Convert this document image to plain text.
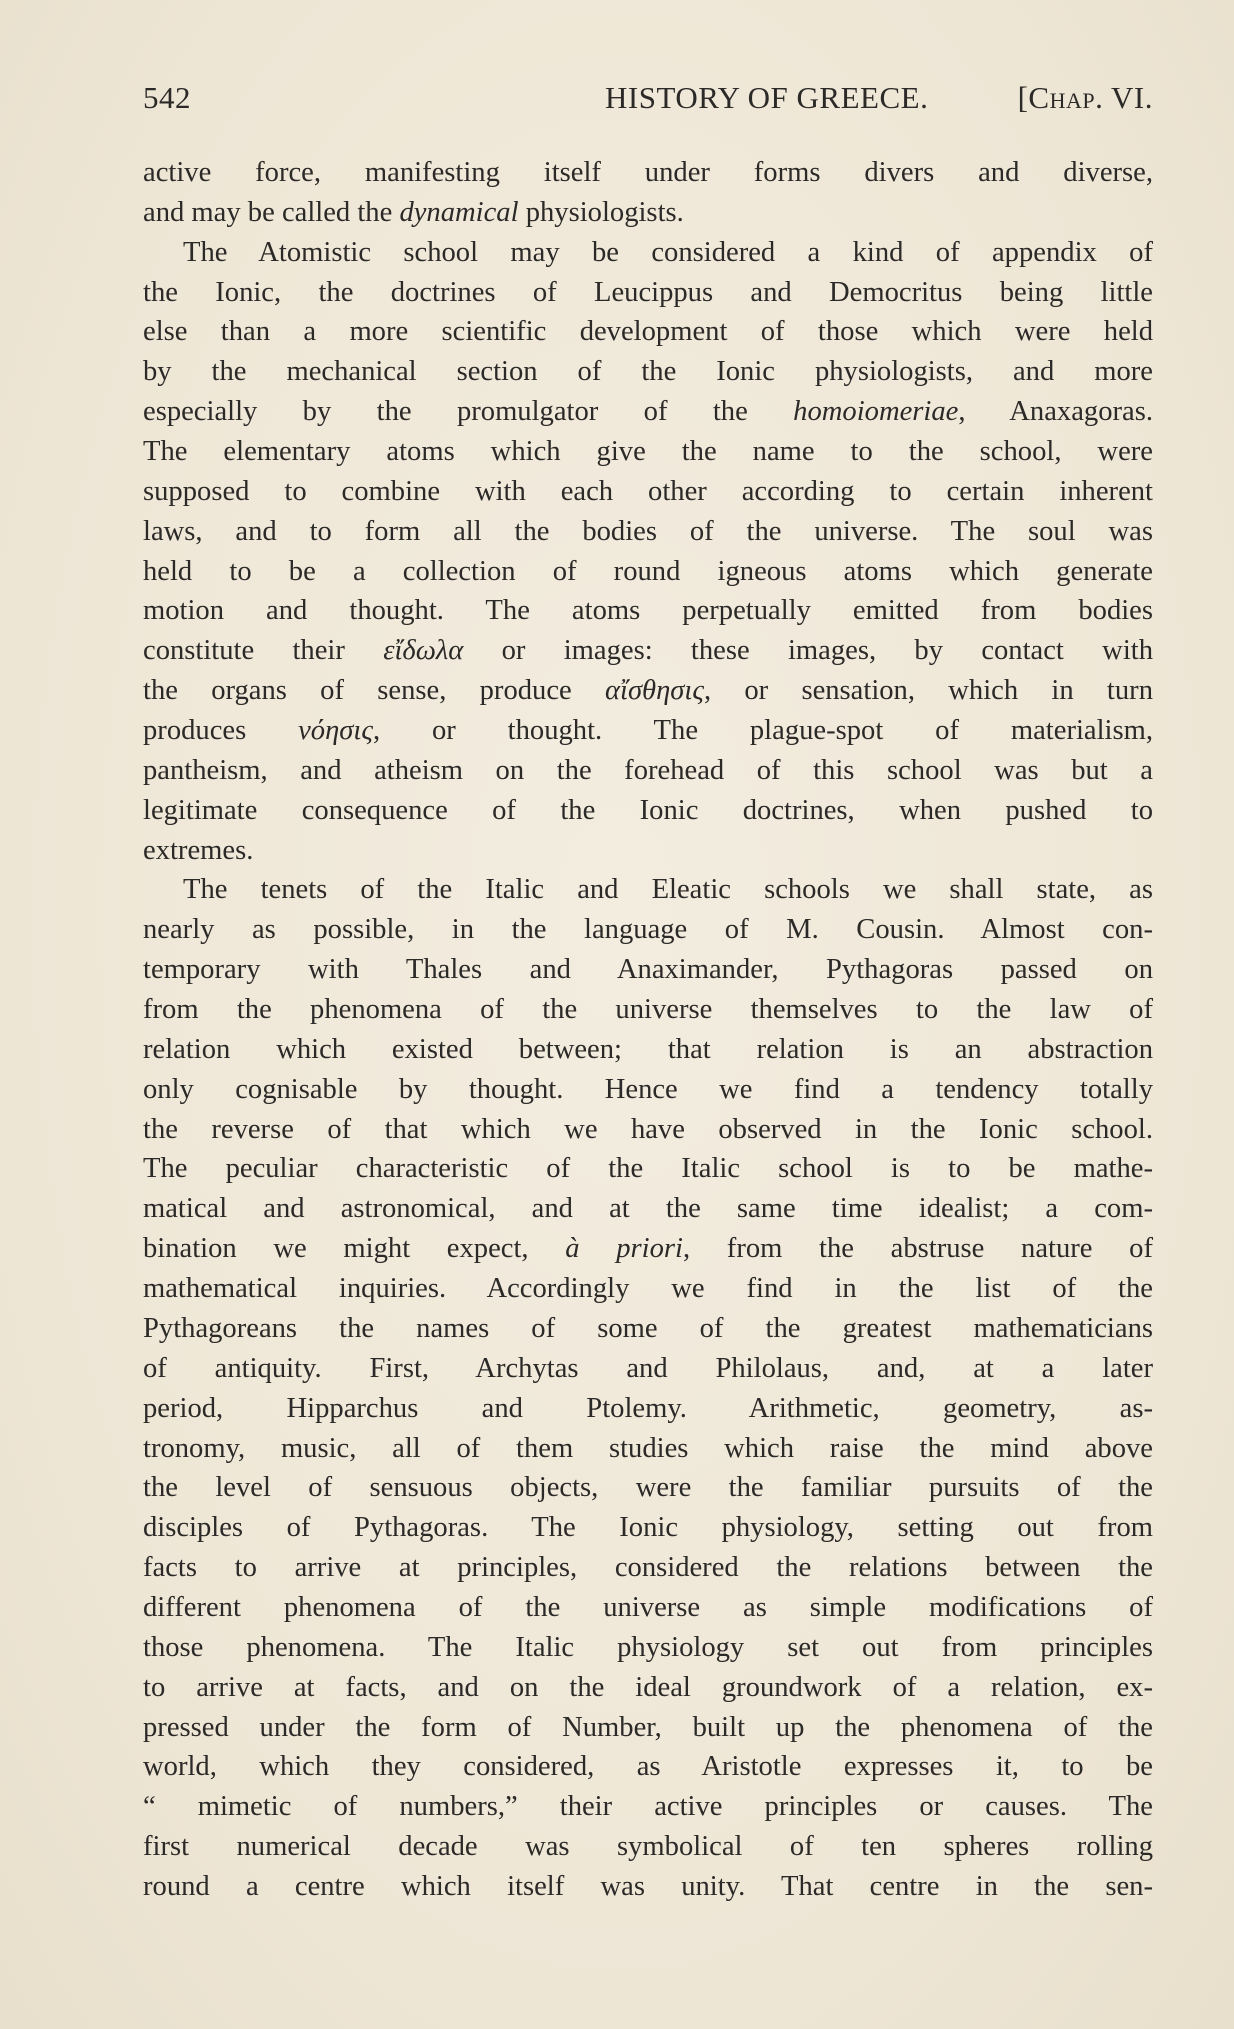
542	HISTORY OF GREECE.	[Chap. VI.
active force, manifesting itself under forms divers and diverse,
and may be called the dynamical physiologists.
The Atomistic school may be considered a kind of appendix of
the Ionic, the doctrines of Leucippus and Democritus being little
else than a more scientific development of those which were held
by the mechanical section of the Ionic physiologists, and more
especially by the promulgator of the homoiomeriae, Anaxagoras.
The elementary atoms which give the name to the school, were
supposed to combine with each other according to certain inherent
laws, and to form all the bodies of the universe. The soul was
held to be a collection of round igneous atoms which generate
motion and thought. The atoms perpetually emitted from bodies
constitute their εἴδωλα or images: these images, by contact with
the organs of sense, produce αἴσθησις, or sensation, which in turn
produces νόησις, or thought. The plague-spot of materialism,
pantheism, and atheism on the forehead of this school was but a
legitimate consequence of the Ionic doctrines, when pushed to
extremes.
The tenets of the Italic and Eleatic schools we shall state, as
nearly as possible, in the language of M. Cousin. Almost con-
temporary with Thales and Anaximander, Pythagoras passed on
from the phenomena of the universe themselves to the law of
relation which existed between; that relation is an abstraction
only cognisable by thought. Hence we find a tendency totally
the reverse of that which we have observed in the Ionic school.
The peculiar characteristic of the Italic school is to be mathe-
matical and astronomical, and at the same time idealist; a com-
bination we might expect, à priori, from the abstruse nature of
mathematical inquiries. Accordingly we find in the list of the
Pythagoreans the names of some of the greatest mathematicians
of antiquity. First, Archytas and Philolaus, and, at a later
period, Hipparchus and Ptolemy. Arithmetic, geometry, as-
tronomy, music, all of them studies which raise the mind above
the level of sensuous objects, were the familiar pursuits of the
disciples of Pythagoras. The Ionic physiology, setting out from
facts to arrive at principles, considered the relations between the
different phenomena of the universe as simple modifications of
those phenomena. The Italic physiology set out from principles
to arrive at facts, and on the ideal groundwork of a relation, ex-
pressed under the form of Number, built up the phenomena of the
world, which they considered, as Aristotle expresses it, to be
“ mimetic of numbers,” their active principles or causes. The
first numerical decade was symbolical of ten spheres rolling
round a centre which itself was unity. That centre in the sen-
